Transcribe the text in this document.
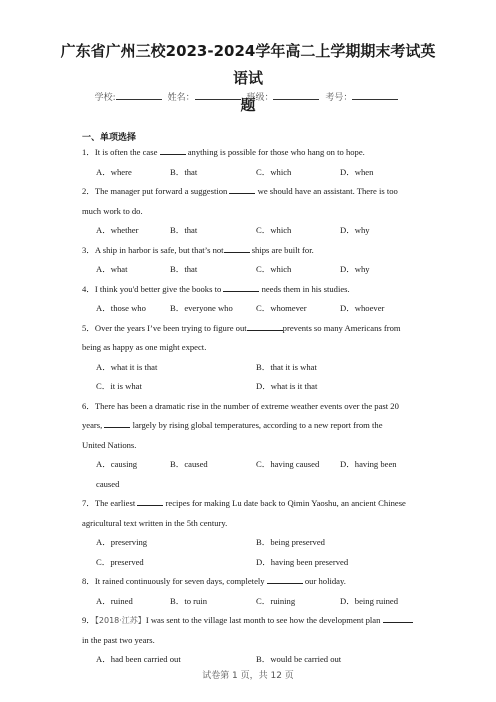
广东省广州三校2023-2024学年高二上学期期末考试英语试
题
学校:	姓名：	班级：	考号：
一、单项选择
1．It is often the case	anything is possible for those who hang on to hope.
A．where	B．that	C．which	D．when
2．The manager put forward a suggestion	we should have an assistant. There is too
much work to do.
A．whether	B．that	C．which	D．why
3．A ship in harbor is safe, but that’s not	ships are built for.
A．what	B．that	C．which	D．why
4．I think you'd better give the books to	needs them in his studies.
A．those who	B．everyone who	C．whomever	D．whoever
5．Over the years I’ve been trying to figure out	prevents so many Americans from
being as happy as one might expect.
A．what it is that	B．that it is what
C．it is what	D．what is it that
6．There has been a dramatic rise in the number of extreme weather events over the past 20
years,	largely by rising global temperatures, according to a new report from the
United Nations.
A．causing	B．caused	C．having caused D．having been
caused
7．The earliest	recipes for making Lu date back to Qimin Yaoshu, an ancient Chinese
agricultural text written in the 5th century.
A．preserving	B．being preserved
C．preserved	D．having been preserved
8．It rained continuously for seven days, completely	our holiday.
A．ruined	B．to ruin	C．ruining	D．being ruined
9．【2018·江苏】I was sent to the village last month to see how the development plan
in the past two years.
A．had been carried out	B．would be carried out
试卷第 1 页，共 12 页
